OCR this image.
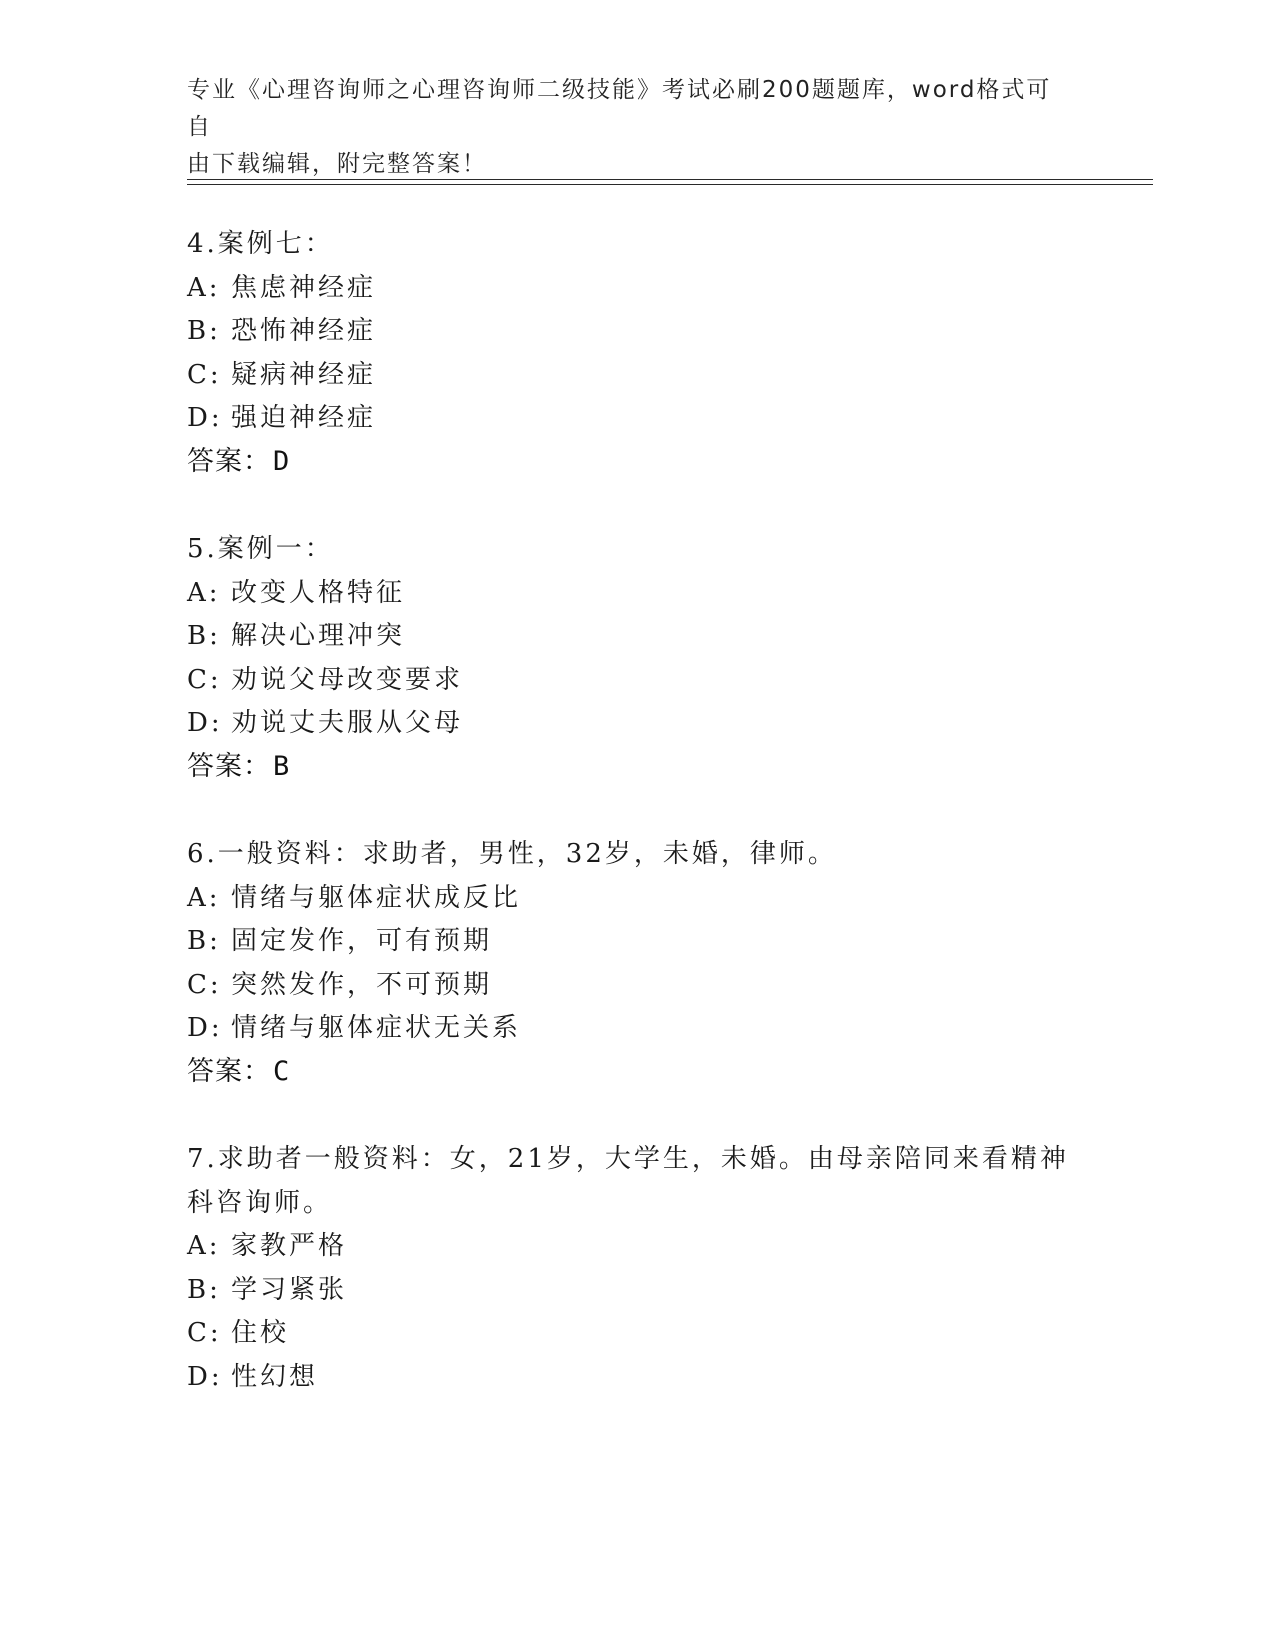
专业《心理咨询师之心理咨询师二级技能》考试必刷200题题库，word格式可自
由下载编辑，附完整答案！
4.案例七：
A: 焦虑神经症
B: 恐怖神经症
C: 疑病神经症
D: 强迫神经症
答案：D
5.案例一：
A: 改变人格特征
B: 解决心理冲突
C: 劝说父母改变要求
D: 劝说丈夫服从父母
答案：B
6.一般资料：求助者，男性，32岁，未婚，律师。
A: 情绪与躯体症状成反比
B: 固定发作，可有预期
C: 突然发作，不可预期
D: 情绪与躯体症状无关系
答案：C
7.求助者一般资料：女，21岁，大学生，未婚。由母亲陪同来看精神
科咨询师。
A: 家教严格
B: 学习紧张
C: 住校
D: 性幻想
